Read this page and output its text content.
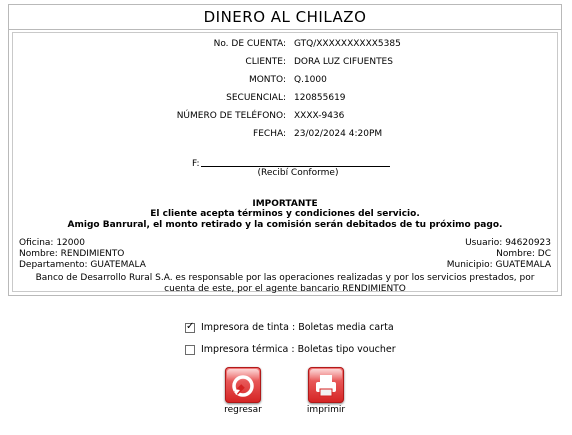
DINERO AL CHILAZO
No. DE CUENTA: GTQ/XXXXXXXXXX5385
CLIENTE: DORA LUZ CIFUENTES
MONTO: Q.1000
SECUENCIAL: 120855619
NÚMERO DE TELÉFONO: XXXX-9436
FECHA: 23/02/2024 4:20PM
F:
(Recibí Conforme)
IMPORTANTE
El cliente acepta términos y condiciones del servicio.
Amigo Banrural, el monto retirado y la comisión serán debitados de tu próximo pago.
Oficina: 12000
Nombre: RENDIMIENTO
Departamento: GUATEMALA
Usuario: 94620923
Nombre: DC
Municipio: GUATEMALA
Banco de Desarrollo Rural S.A. es responsable por las operaciones realizadas y por los servicios prestados, por cuenta de este, por el agente bancario RENDIMIENTO
✓ Impresora de tinta : Boletas media carta
Impresora térmica : Boletas tipo voucher
regresar	imprimir
